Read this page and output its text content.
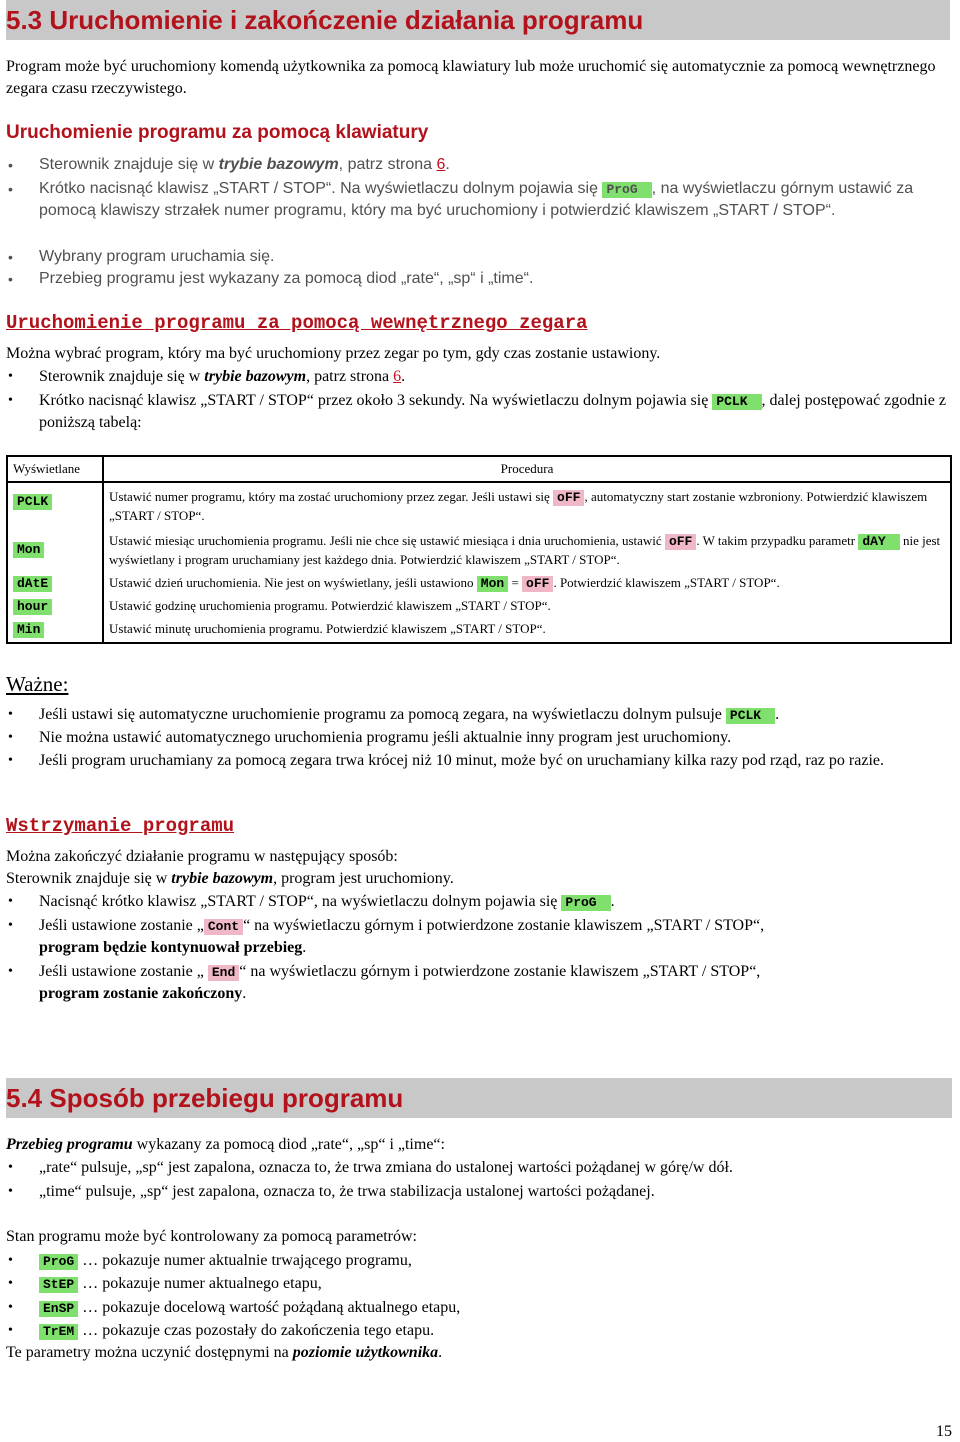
5.3 Uruchomienie i zakończenie działania programu
Program może być uruchomiony komendą użytkownika za pomocą klawiatury lub może uruchomić się automatycznie za pomocą wewnętrznego zegara czasu rzeczywistego.
Uruchomienie programu za pomocą klawiatury
• Sterownik znajduje się w trybie bazowym, patrz strona 6.
• Krótko nacisnąć klawisz „START / STOP“. Na wyświetlaczu dolnym pojawia się ProG , na wyświetlaczu górnym ustawić za pomocą klawiszy strzałek numer programu, który ma być uruchomiony i potwierdzić klawiszem „START / STOP“.
• Wybrany program uruchamia się.
• Przebieg programu jest wykazany za pomocą diod „rate“, „sp“ i „time“.
Uruchomienie programu za pomocą wewnętrznego zegara
Można wybrać program, który ma być uruchomiony przez zegar po tym, gdy czas zostanie ustawiony.
• Sterownik znajduje się w trybie bazowym, patrz strona 6.
• Krótko nacisnąć klawisz „START / STOP“ przez około 3 sekundy. Na wyświetlaczu dolnym pojawia się PCLK , dalej postępować zgodnie z poniższą tabelą:
Wyświetlane	Procedura
PCLK	Ustawić numer programu, który ma zostać uruchomiony przez zegar. Jeśli ustawi się oFF , automatyczny start zostanie wzbroniony. Potwierdzić klawiszem „START / STOP“.
Mon	Ustawić miesiąc uruchomienia programu. Jeśli nie chce się ustawić miesiąca i dnia uruchomienia, ustawić oFF . W takim przypadku parametr dAY nie jest wyświetlany i program uruchamiany jest każdego dnia. Potwierdzić klawiszem „START / STOP“.
dAtE	Ustawić dzień uruchomienia. Nie jest on wyświetlany, jeśli ustawiono Mon = oFF . Potwierdzić klawiszem „START / STOP“.
hour	Ustawić godzinę uruchomienia programu. Potwierdzić klawiszem „START / STOP“.
Min	Ustawić minutę uruchomienia programu. Potwierdzić klawiszem „START / STOP“.
Ważne:
• Jeśli ustawi się automatyczne uruchomienie programu za pomocą zegara, na wyświetlaczu dolnym pulsuje PCLK .
• Nie można ustawić automatycznego uruchomienia programu jeśli aktualnie inny program jest uruchomiony.
• Jeśli program uruchamiany za pomocą zegara trwa krócej niż 10 minut, może być on uruchamiany kilka razy pod rząd, raz po razie.
Wstrzymanie programu
Można zakończyć działanie programu w następujący sposób:
Sterownik znajduje się w trybie bazowym, program jest uruchomiony.
• Nacisnąć krótko klawisz „START / STOP“, na wyświetlaczu dolnym pojawia się ProG .
• Jeśli ustawione zostanie „ Cont “ na wyświetlaczu górnym i potwierdzone zostanie klawiszem „START / STOP“,
program będzie kontynuował przebieg.
• Jeśli ustawione zostanie „ End “ na wyświetlaczu górnym i potwierdzone zostanie klawiszem „START / STOP“,
program zostanie zakończony.
5.4 Sposób przebiegu programu
Przebieg programu wykazany za pomocą diod „rate“, „sp“ i „time“:
• „rate“ pulsuje, „sp“ jest zapalona, oznacza to, że trwa zmiana do ustalonej wartości pożądanej w górę/w dół.
• „time“ pulsuje, „sp“ jest zapalona, oznacza to, że trwa stabilizacja ustalonej wartości pożądanej.
Stan programu może być kontrolowany za pomocą parametrów:
• ProG … pokazuje numer aktualnie trwającego programu,
• StEP … pokazuje numer aktualnego etapu,
• EnSP … pokazuje docelową wartość pożądaną aktualnego etapu,
• TrEM … pokazuje czas pozostały do zakończenia tego etapu.
Te parametry można uczynić dostępnymi na poziomie użytkownika.
15
